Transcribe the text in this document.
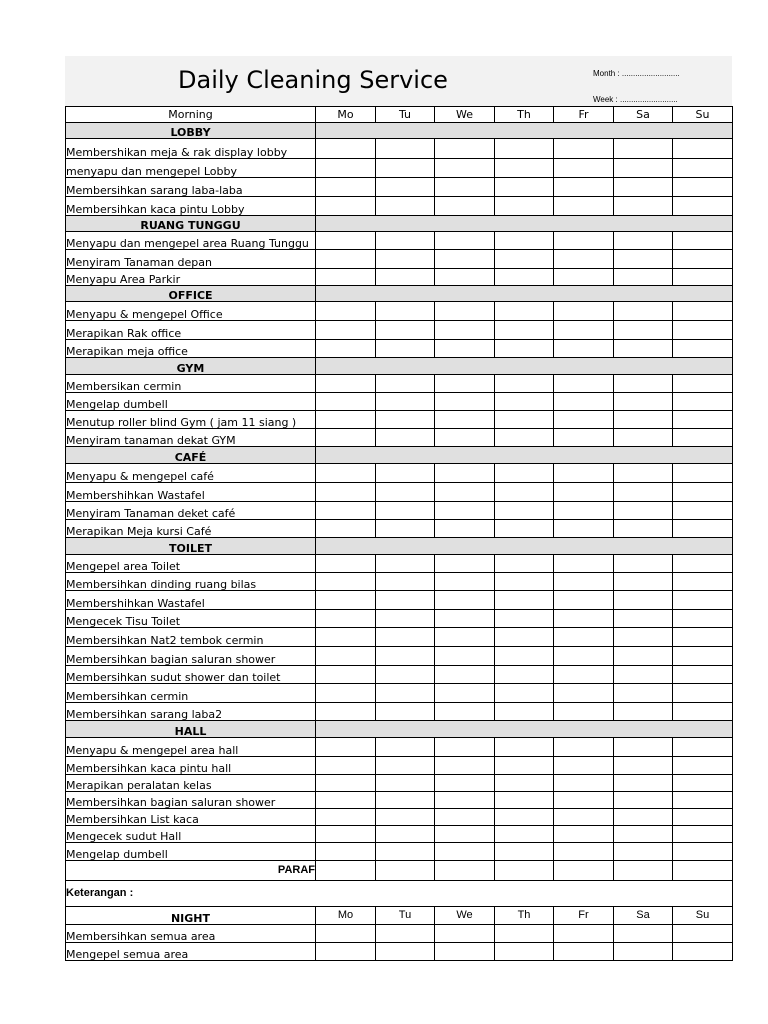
Daily Cleaning Service	Month : ..........................
Week : ..........................
Morning	Mo	Tu	We	Th	Fr	Sa	Su
LOBBY							
Membershikan meja & rak display lobby							
menyapu dan mengepel Lobby							
Membersihkan sarang laba-laba							
Membersihkan kaca pintu Lobby							
RUANG TUNGGU							
Menyapu dan mengepel area Ruang Tunggu							
Menyiram Tanaman depan							
Menyapu Area Parkir							
OFFICE							
Menyapu & mengepel Office							
Merapikan Rak office							
Merapikan meja office							
GYM							
Membersikan cermin							
Mengelap dumbell							
Menutup roller blind Gym ( jam 11 siang )							
Menyiram tanaman dekat GYM							
CAFÉ							
Menyapu & mengepel café							
Membershihkan Wastafel							
Menyiram Tanaman deket café							
Merapikan Meja kursi Café							
TOILET							
Mengepel area Toilet							
Membersihkan dinding ruang bilas							
Membershihkan Wastafel							
Mengecek Tisu Toilet							
Membersihkan Nat2 tembok cermin							
Membersihkan bagian saluran shower							
Membersihkan sudut shower dan toilet							
Membersihkan cermin							
Membersihkan sarang laba2							
HALL							
Menyapu & mengepel area hall							
Membersihkan kaca pintu hall							
Merapikan peralatan kelas							
Membersihkan bagian saluran shower							
Membersihkan List kaca							
Mengecek sudut Hall							
Mengelap dumbell							
PARAF							
Keterangan :							
NIGHT	Mo	Tu	We	Th	Fr	Sa	Su
Membersihkan semua area							
Mengepel semua area							
